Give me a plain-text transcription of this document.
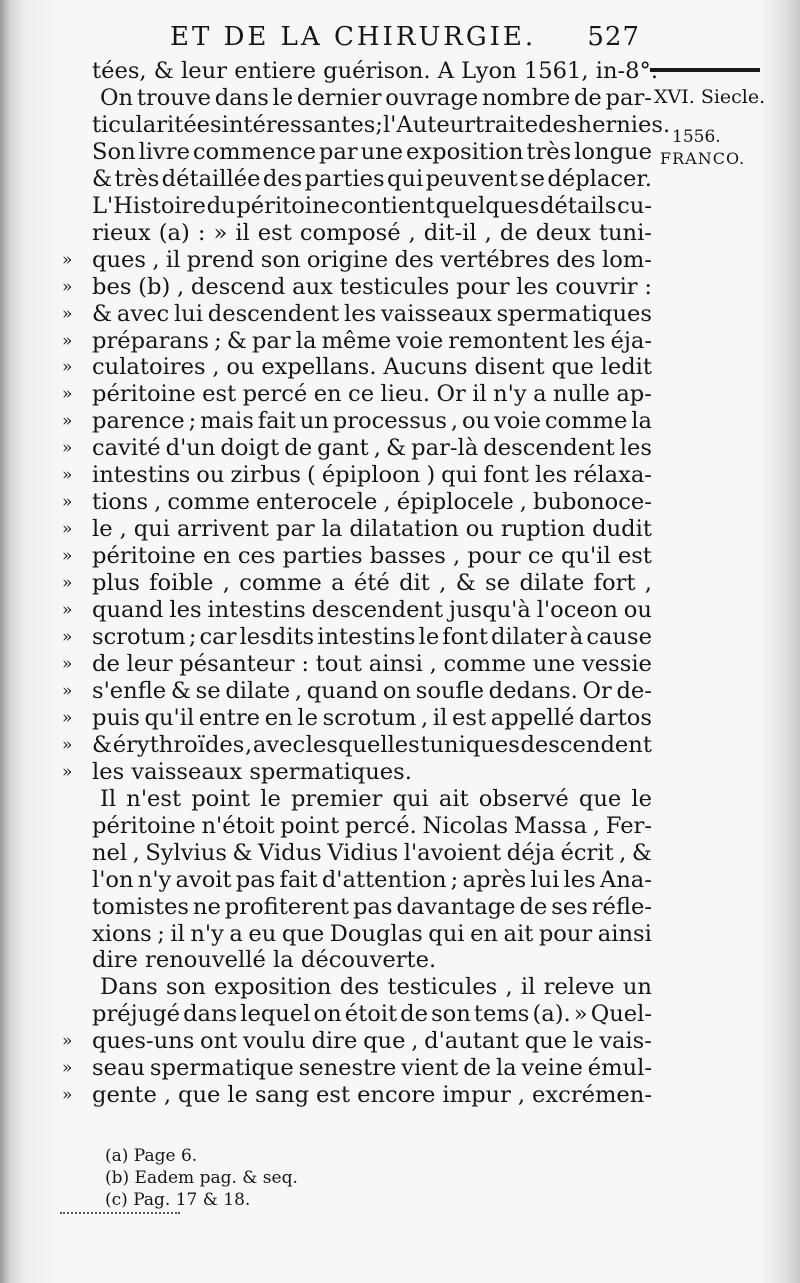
ET DE LA CHIRURGIE. 527
XVI. Siecle.
1556.
FRANCO.
tées, & leur entiere guérison. A Lyon 1561, in-8°.
On trouve dans le dernier ouvrage nombre de par-
ticularitées intéressantes ; l'Auteur traite des hernies.
Son livre commence par une exposition très longue
& très détaillée des parties qui peuvent se déplacer.
L'Histoire du péritoine contient quelques détails cu-
rieux (a) : » il est composé , dit-il , de deux tuni-
» ques , il prend son origine des vertébres des lom-
» bes (b) , descend aux testicules pour les couvrir :
» & avec lui descendent les vaisseaux spermatiques
» préparans ; & par la même voie remontent les éja-
» culatoires , ou expellans. Aucuns disent que ledit
» péritoine est percé en ce lieu. Or il n'y a nulle ap-
» parence ; mais fait un processus , ou voie comme la
» cavité d'un doigt de gant , & par-là descendent les
» intestins ou zirbus ( épiploon ) qui font les rélaxa-
» tions , comme enterocele , épiplocele , bubonoce-
» le , qui arrivent par la dilatation ou ruption dudit
» péritoine en ces parties basses , pour ce qu'il est
» plus foible , comme a été dit , & se dilate fort ,
» quand les intestins descendent jusqu'à l'oceon ou
» scrotum ; car lesdits intestins le font dilater à cause
» de leur pésanteur : tout ainsi , comme une vessie
» s'enfle & se dilate , quand on soufle dedans. Or de-
» puis qu'il entre en le scrotum , il est appellé dartos
» & érythroïdes , avec lesquelles tuniques descendent
» les vaisseaux spermatiques.
Il n'est point le premier qui ait observé que le
péritoine n'étoit point percé. Nicolas Massa , Fer-
nel , Sylvius & Vidus Vidius l'avoient déja écrit , &
l'on n'y avoit pas fait d'attention ; après lui les Ana-
tomistes ne profiterent pas davantage de ses réfle-
xions ; il n'y a eu que Douglas qui en ait pour ainsi
dire renouvellé la découverte.
Dans son exposition des testicules , il releve un
préjugé dans lequel on étoit de son tems (a). » Quel-
» ques-uns ont voulu dire que , d'autant que le vais-
» seau spermatique senestre vient de la veine émul-
» gente , que le sang est encore impur , excrémen-
(a) Page 6.
(b) Eadem pag. & seq.
(c) Pag. 17 & 18.
